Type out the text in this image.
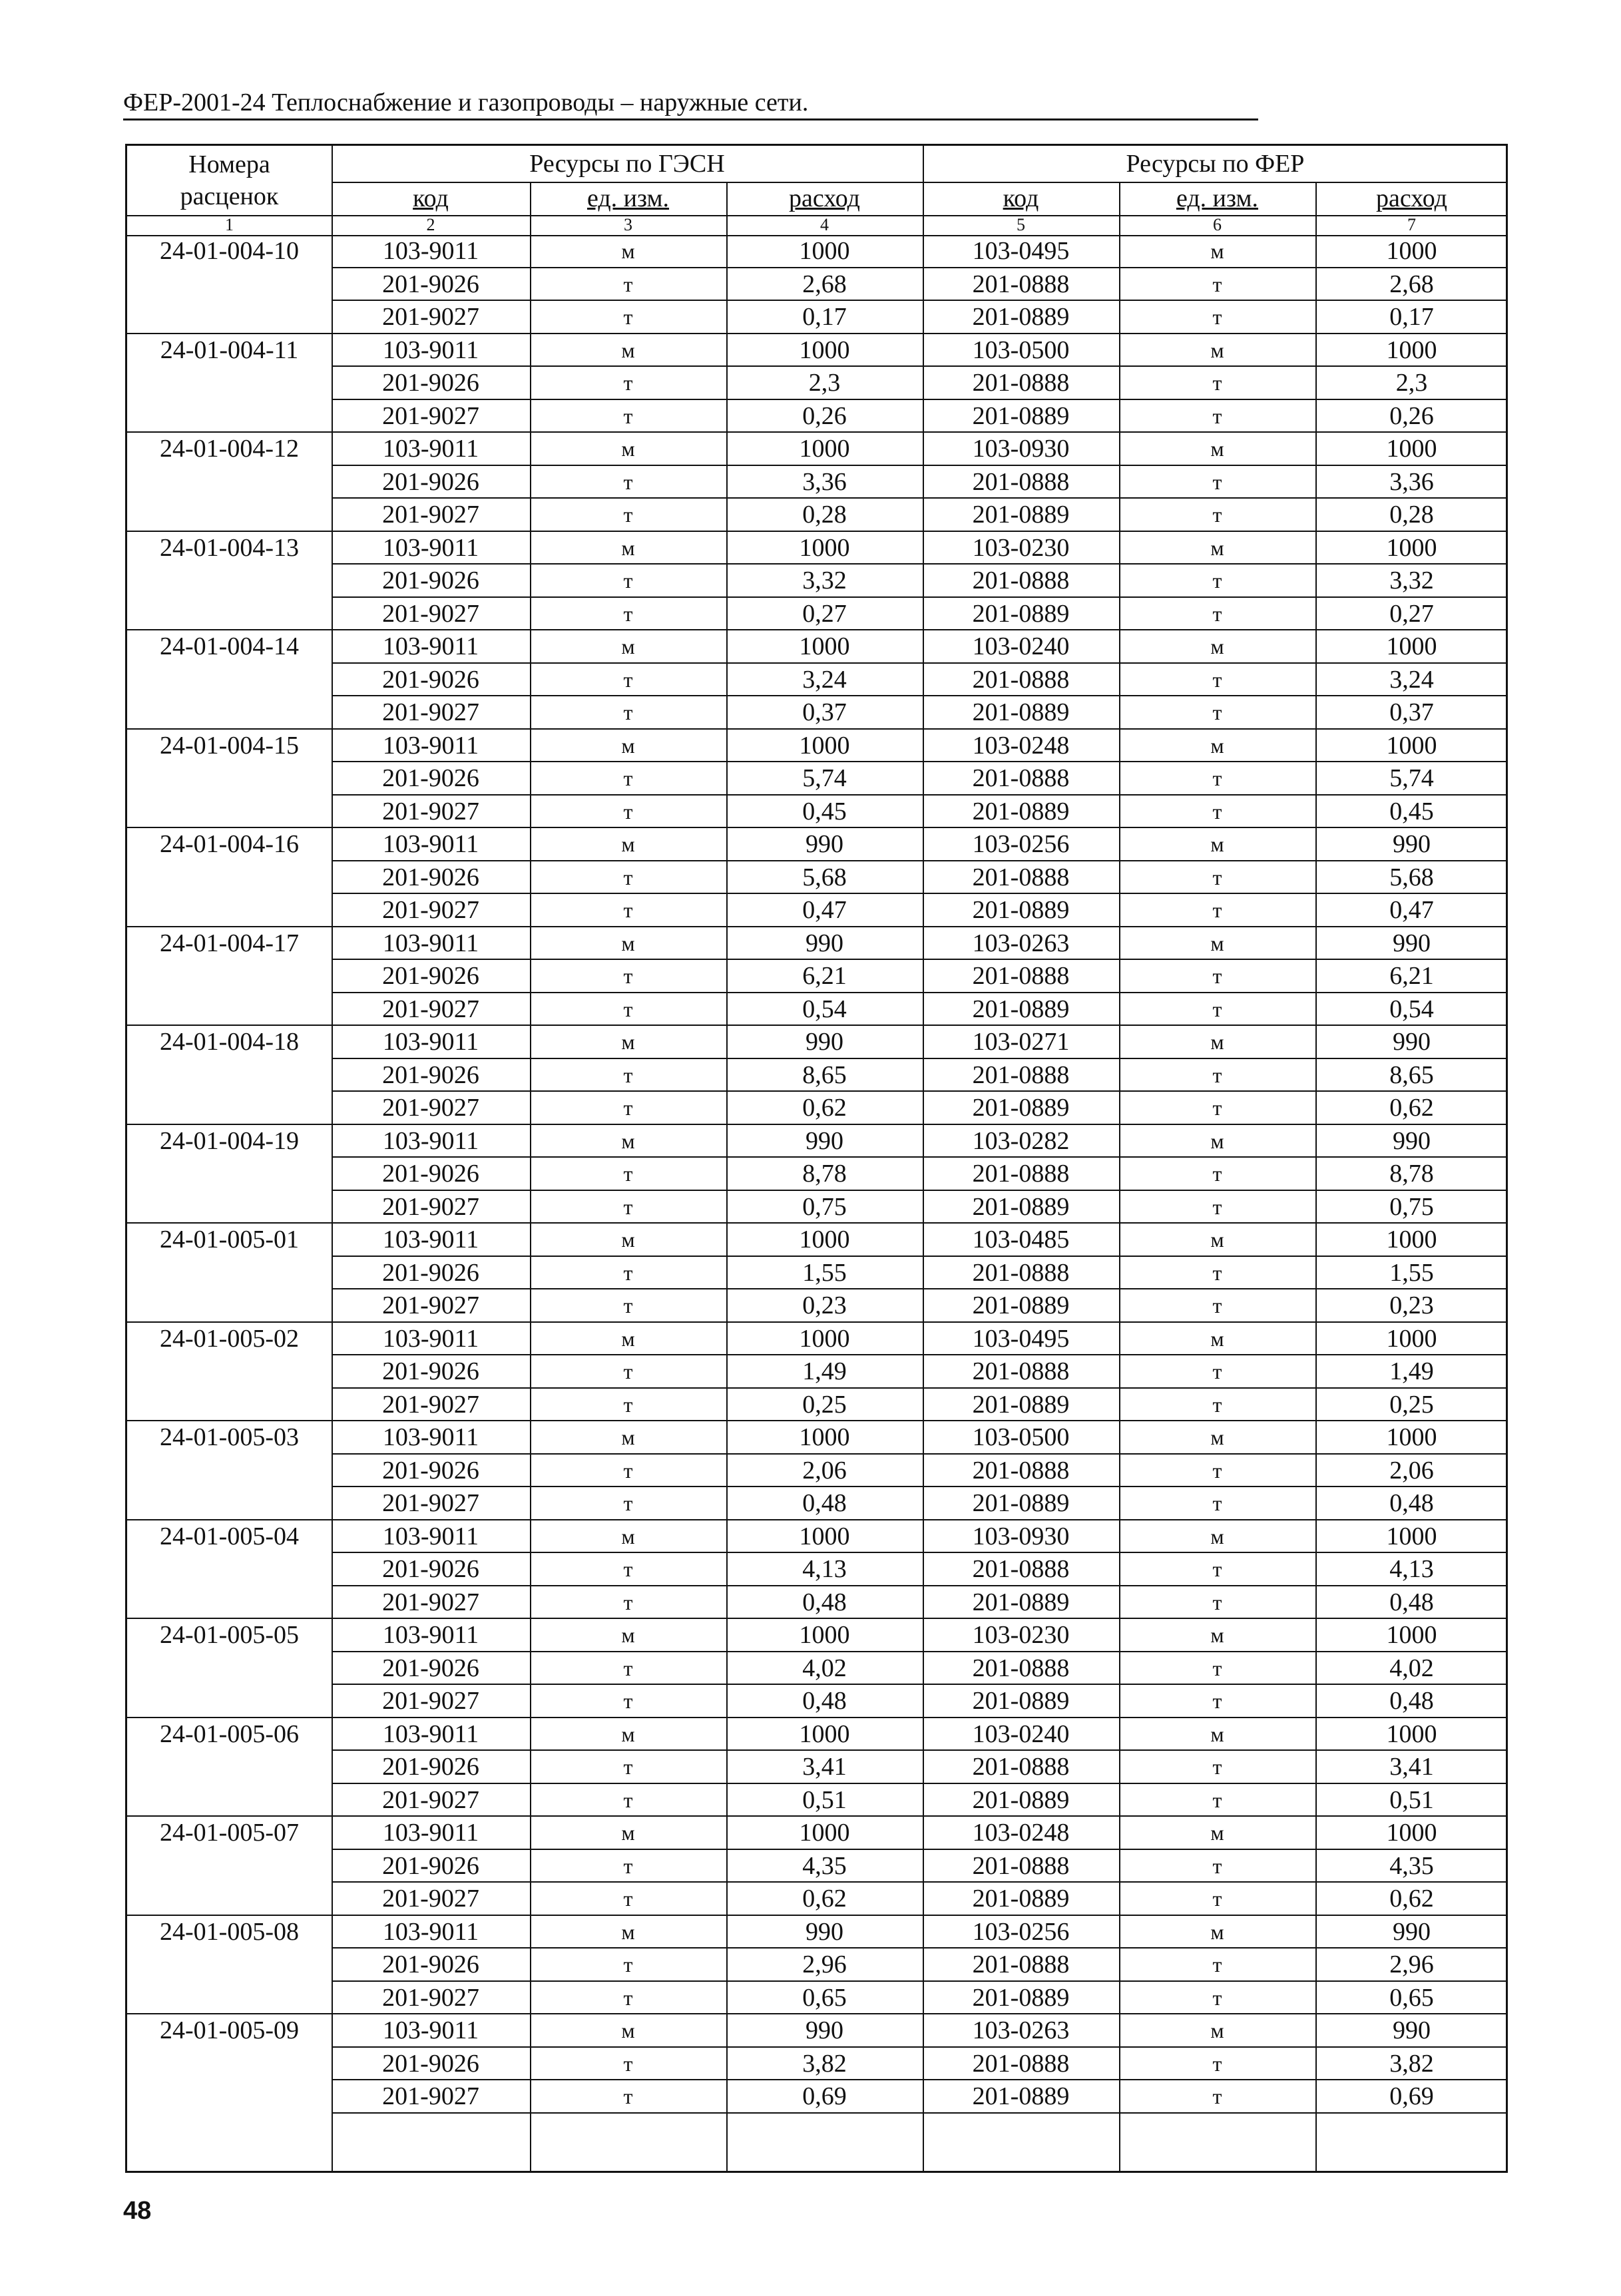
ФЕР-2001-24 Теплоснабжение и газопроводы – наружные сети.
Номера расценок
Ресурсы по ГЭСН	Ресурсы по ФЕР
код	код
ед. изм.	ед. изм.
расход	расход
1	2	3	4	5	6	7
24-01-004-10	103-9011	м	1000	103-0495	м	1000
201-9026	т	2,68	201-0888	т	2,68
201-9027	т	0,17	201-0889	т	0,17
24-01-004-11	103-9011	м	1000	103-0500	м	1000
201-9026	т	2,3	201-0888	т	2,3
201-9027	т	0,26	201-0889	т	0,26
24-01-004-12	103-9011	м	1000	103-0930	м	1000
201-9026	т	3,36	201-0888	т	3,36
201-9027	т	0,28	201-0889	т	0,28
24-01-004-13	103-9011	м	1000	103-0230	м	1000
201-9026	т	3,32	201-0888	т	3,32
201-9027	т	0,27	201-0889	т	0,27
24-01-004-14	103-9011	м	1000	103-0240	м	1000
201-9026	т	3,24	201-0888	т	3,24
201-9027	т	0,37	201-0889	т	0,37
24-01-004-15	103-9011	м	1000	103-0248	м	1000
201-9026	т	5,74	201-0888	т	5,74
201-9027	т	0,45	201-0889	т	0,45
24-01-004-16	103-9011	м	990	103-0256	м	990
201-9026	т	5,68	201-0888	т	5,68
201-9027	т	0,47	201-0889	т	0,47
24-01-004-17	103-9011	м	990	103-0263	м	990
201-9026	т	6,21	201-0888	т	6,21
201-9027	т	0,54	201-0889	т	0,54
24-01-004-18	103-9011	м	990	103-0271	м	990
201-9026	т	8,65	201-0888	т	8,65
201-9027	т	0,62	201-0889	т	0,62
24-01-004-19	103-9011	м	990	103-0282	м	990
201-9026	т	8,78	201-0888	т	8,78
201-9027	т	0,75	201-0889	т	0,75
24-01-005-01	103-9011	м	1000	103-0485	м	1000
201-9026	т	1,55	201-0888	т	1,55
201-9027	т	0,23	201-0889	т	0,23
24-01-005-02	103-9011	м	1000	103-0495	м	1000
201-9026	т	1,49	201-0888	т	1,49
201-9027	т	0,25	201-0889	т	0,25
24-01-005-03	103-9011	м	1000	103-0500	м	1000
201-9026	т	2,06	201-0888	т	2,06
201-9027	т	0,48	201-0889	т	0,48
24-01-005-04	103-9011	м	1000	103-0930	м	1000
201-9026	т	4,13	201-0888	т	4,13
201-9027	т	0,48	201-0889	т	0,48
24-01-005-05	103-9011	м	1000	103-0230	м	1000
201-9026	т	4,02	201-0888	т	4,02
201-9027	т	0,48	201-0889	т	0,48
24-01-005-06	103-9011	м	1000	103-0240	м	1000
201-9026	т	3,41	201-0888	т	3,41
201-9027	т	0,51	201-0889	т	0,51
24-01-005-07	103-9011	м	1000	103-0248	м	1000
201-9026	т	4,35	201-0888	т	4,35
201-9027	т	0,62	201-0889	т	0,62
24-01-005-08	103-9011	м	990	103-0256	м	990
201-9026	т	2,96	201-0888	т	2,96
201-9027	т	0,65	201-0889	т	0,65
24-01-005-09	103-9011	м	990	103-0263	м	990
201-9026	т	3,82	201-0888	т	3,82
201-9027	т	0,69	201-0889	т	0,69
48
